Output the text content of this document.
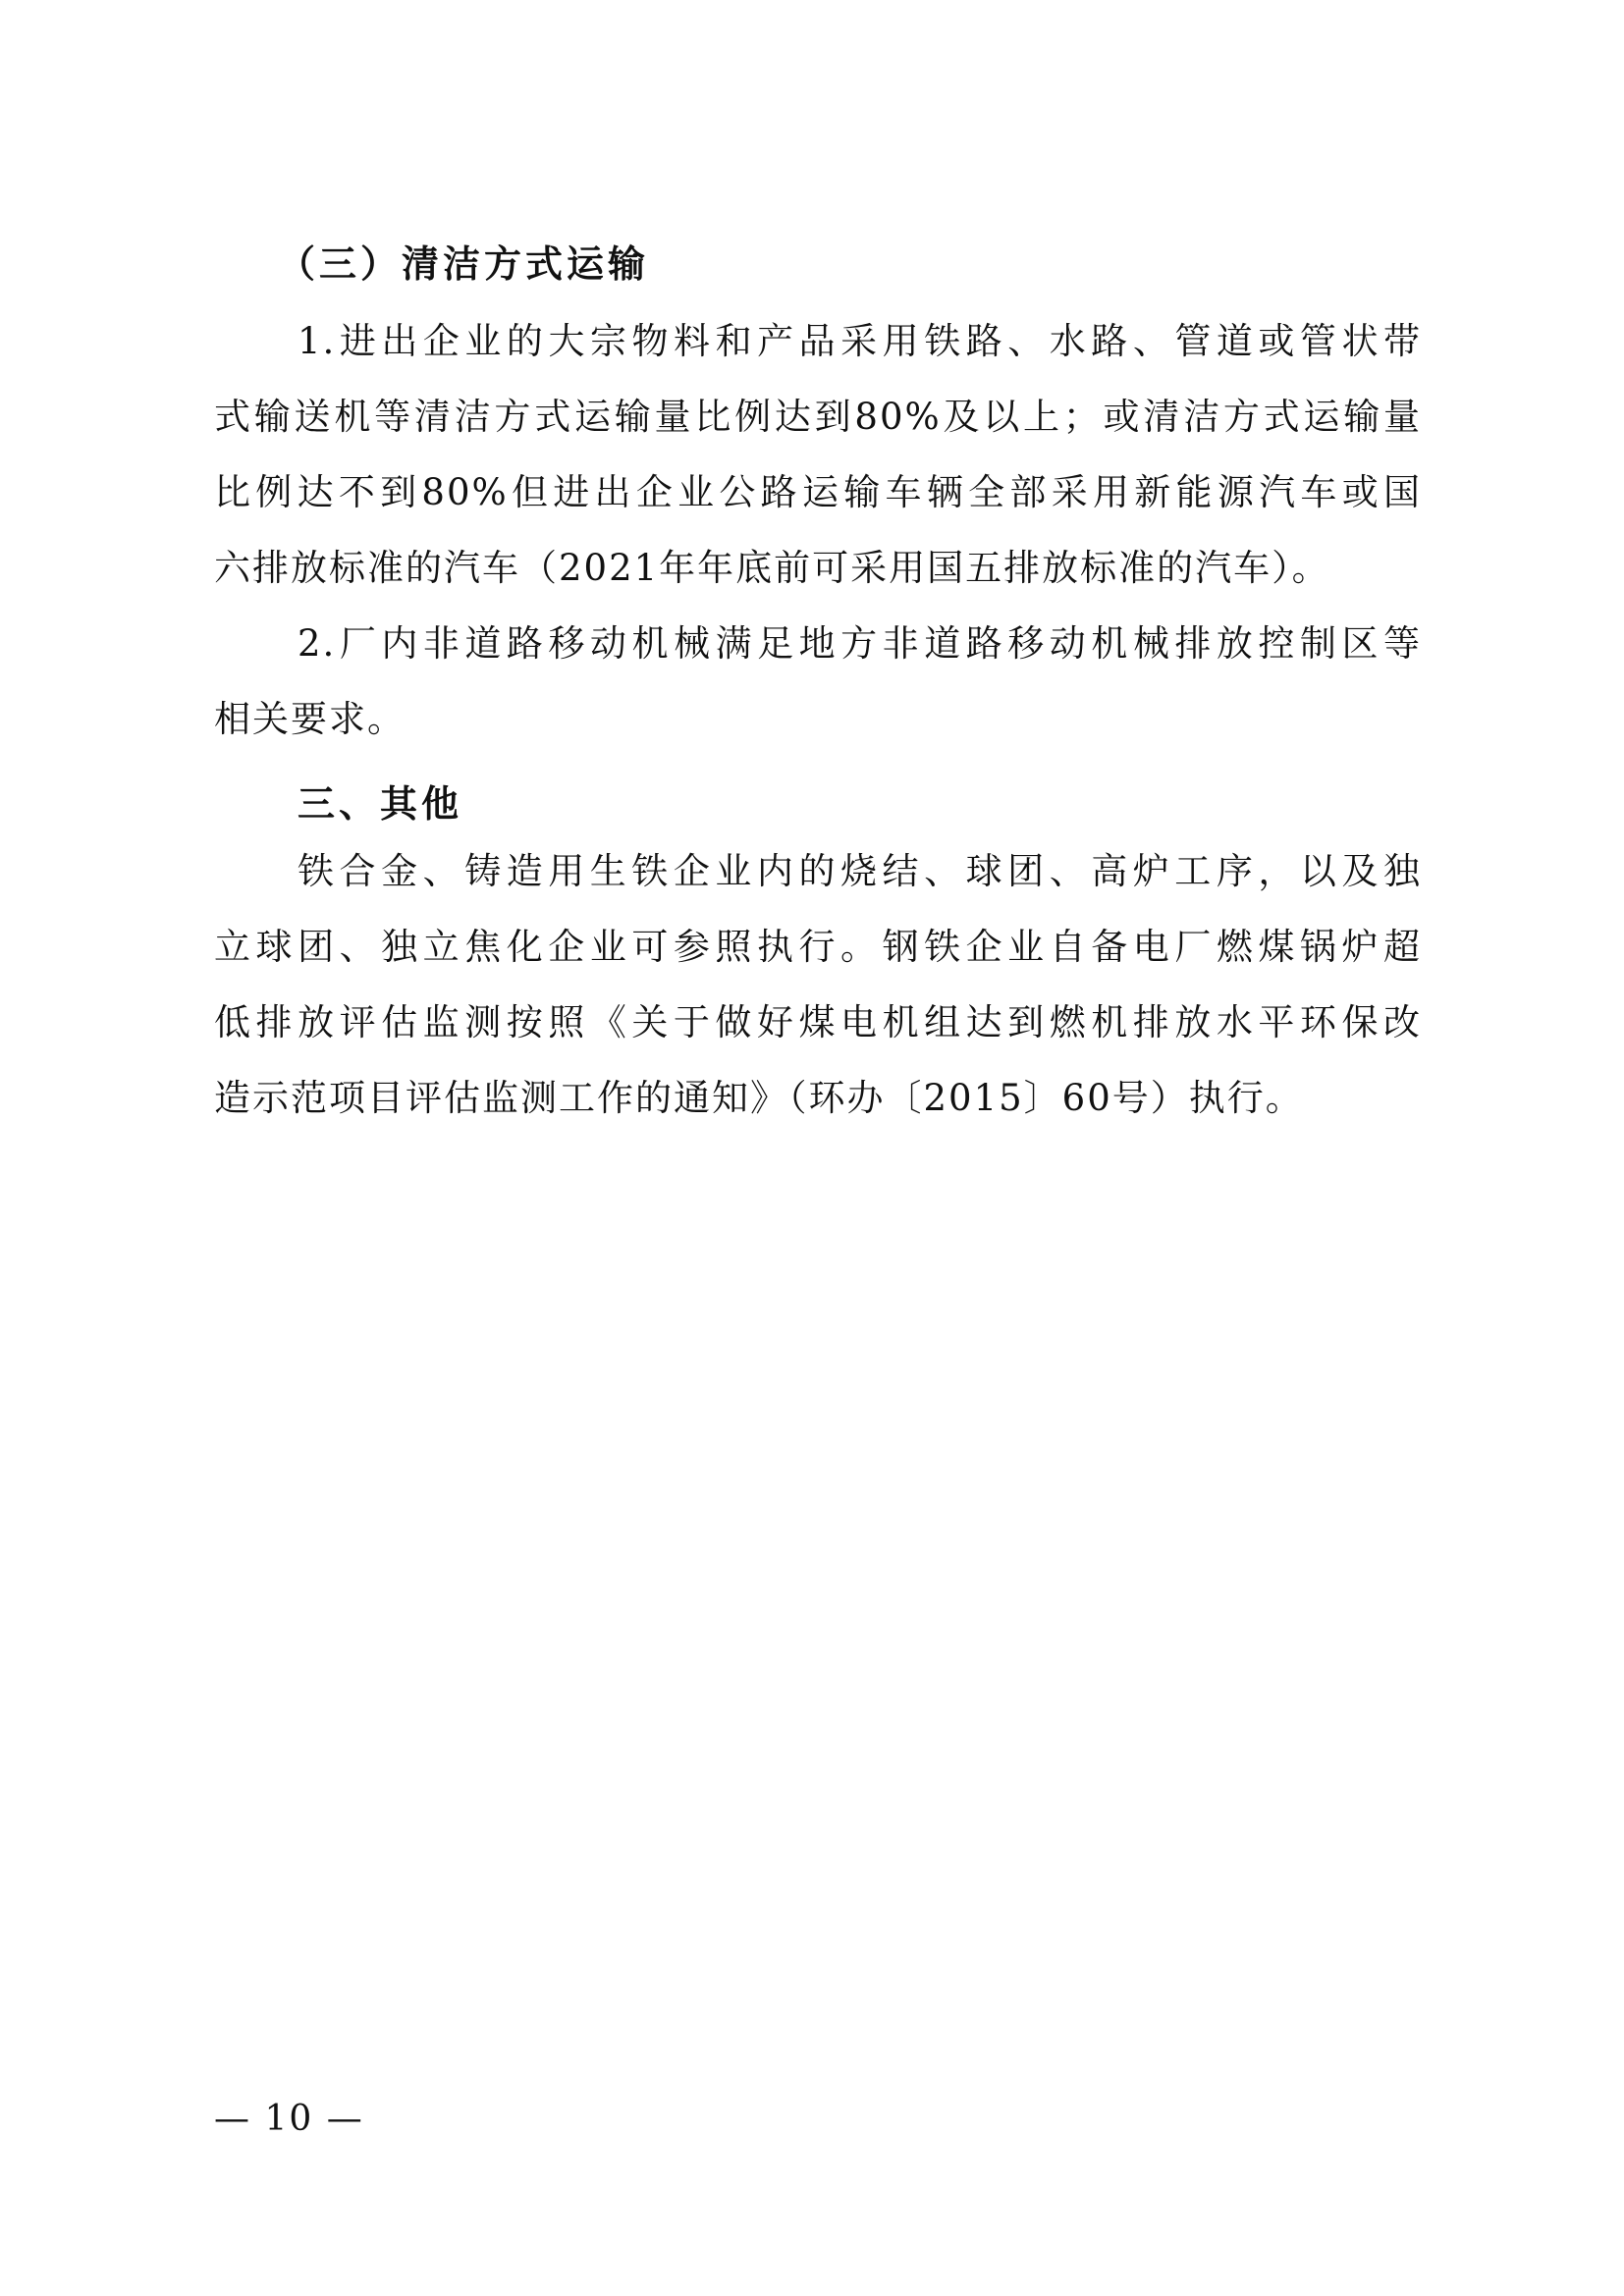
（三）清洁方式运输

1.进出企业的大宗物料和产品采用铁路、水路、管道或管状带

式输送机等清洁方式运输量比例达到80%及以上；或清洁方式运输量

比例达不到80%但进出企业公路运输车辆全部采用新能源汽车或国

六排放标准的汽车（2021年年底前可采用国五排放标准的汽车）。

2.厂内非道路移动机械满足地方非道路移动机械排放控制区等

相关要求。

三、其他

铁合金、铸造用生铁企业内的烧结、球团、高炉工序，以及独

立球团、独立焦化企业可参照执行。钢铁企业自备电厂燃煤锅炉超

低排放评估监测按照《关于做好煤电机组达到燃机排放水平环保改

造示范项目评估监测工作的通知》（环办〔2015〕60号）执行。

— 10 —
